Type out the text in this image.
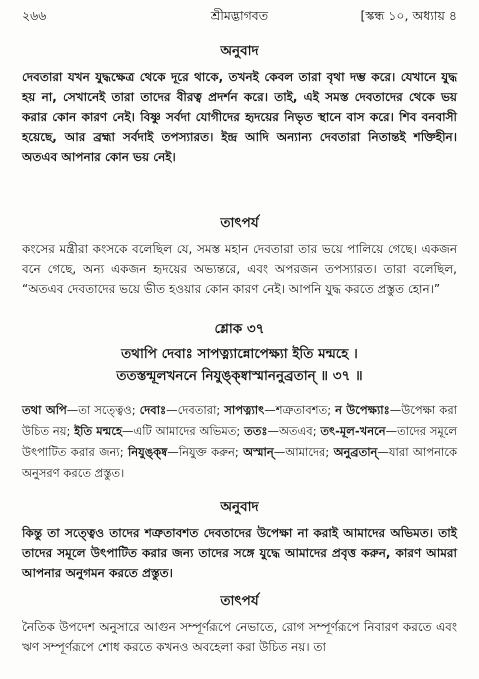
২৬৬	শ্রীমদ্ভাগবত	[স্কন্ধ ১০, অধ্যায় ৪
অনুবাদ

দেবতারা যখন যুদ্ধক্ষেত্র থেকে দূরে থাকে, তখনই কেবল তারা বৃথা দম্ভ করে। যেখানে যুদ্ধ হয় না, সেখানেই তারা তাদের বীরত্ব প্রদর্শন করে। তাই, এই সমস্ত দেবতাদের থেকে ভয় করার কোন কারণ নেই। বিষ্ণু সর্বদা যোগীদের হৃদয়ের নিভৃত স্থানে বাস করে। শিব বনবাসী হয়েছে, আর ব্রহ্মা সর্বদাই তপস্যারত। ইন্দ্র আদি অন্যান্য দেবতারা নিতান্তই শক্তিহীন। অতএব আপনার কোন ভয় নেই।

তাৎপর্য

কংসের মন্ত্রীরা কংসকে বলেছিল যে, সমস্ত মহান দেবতারা তার ভয়ে পালিয়ে গেছে। একজন বনে গেছে, অন্য একজন হৃদয়ের অভ্যন্তরে, এবং অপরজন তপস্যারত। তারা বলেছিল, “অতএব দেবতাদের ভয়ে ভীত হওয়ার কোন কারণ নেই। আপনি যুদ্ধ করতে প্রস্তুত হোন।”

শ্লোক ৩৭
তথাপি দেবাঃ সাপত্ন্যান্নোপেক্ষ্যা ইতি মন্মহে ।
ততস্তন্মূলখননে নিযুঙ্ক্ষ্বাস্মাননুব্রতান্ ॥ ৩৭ ॥

তথা অপি—তা সত্ত্বেও; দেবাঃ—দেবতারা; সাপত্ন্যাৎ—শত্রুতাবশত; ন উপেক্ষ্যাঃ—উপেক্ষা করা উচিত নয়; ইতি মন্মহে—এটি আমাদের অভিমত; ততঃ—অতএব; তৎ-মূল-খননে—তাদের সমূলে উৎপাটিত করার জন্য; নিযুঙ্ক্ষ্ব—নিযুক্ত করুন; অস্মান্—আমাদের; অনুব্রতান্—যারা আপনাকে অনুসরণ করতে প্রস্তুত।

অনুবাদ

কিন্তু তা সত্ত্বেও তাদের শত্রুতাবশত দেবতাদের উপেক্ষা না করাই আমাদের অভিমত। তাই তাদের সমূলে উৎপাটিত করার জন্য তাদের সঙ্গে যুদ্ধে আমাদের প্রবৃত্ত করুন, কারণ আমরা আপনার অনুগমন করতে প্রস্তুত।

তাৎপর্য

নৈতিক উপদেশ অনুসারে আগুন সম্পূর্ণরূপে নেভাতে, রোগ সম্পূর্ণরূপে নিবারণ করতে এবং ঋণ সম্পূর্ণরূপে শোধ করতে কখনও অবহেলা করা উচিত নয়। তা
